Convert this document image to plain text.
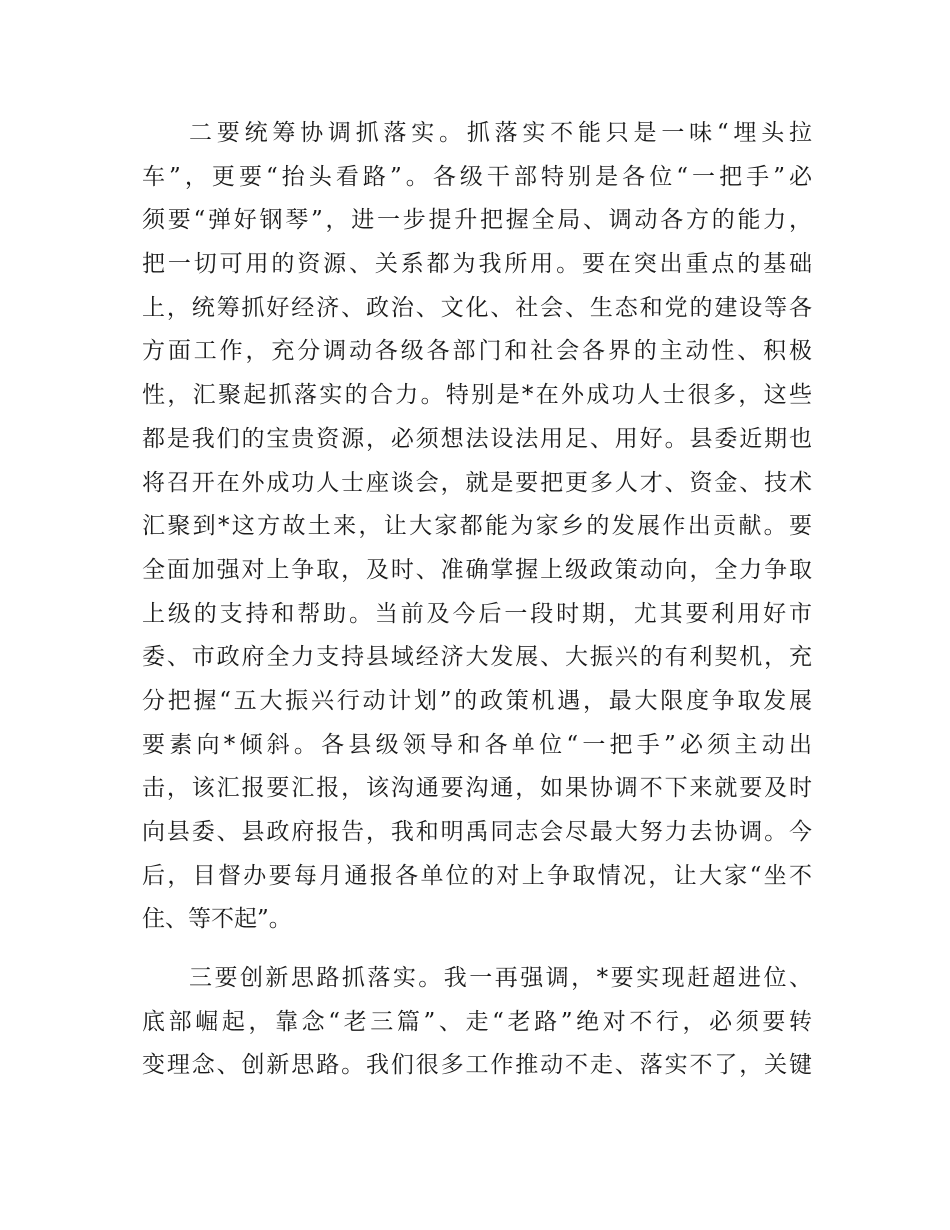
二要统筹协调抓落实。抓落实不能只是一味“埋头拉
车”，更要“抬头看路”。各级干部特别是各位“一把手”必
须要“弹好钢琴”，进一步提升把握全局、调动各方的能力，
把一切可用的资源、关系都为我所用。要在突出重点的基础
上，统筹抓好经济、政治、文化、社会、生态和党的建设等各
方面工作，充分调动各级各部门和社会各界的主动性、积极
性，汇聚起抓落实的合力。特别是*在外成功人士很多，这些
都是我们的宝贵资源，必须想法设法用足、用好。县委近期也
将召开在外成功人士座谈会，就是要把更多人才、资金、技术
汇聚到*这方故土来，让大家都能为家乡的发展作出贡献。要
全面加强对上争取，及时、准确掌握上级政策动向，全力争取
上级的支持和帮助。当前及今后一段时期，尤其要利用好市
委、市政府全力支持县域经济大发展、大振兴的有利契机，充
分把握“五大振兴行动计划”的政策机遇，最大限度争取发展
要素向*倾斜。各县级领导和各单位“一把手”必须主动出
击，该汇报要汇报，该沟通要沟通，如果协调不下来就要及时
向县委、县政府报告，我和明禹同志会尽最大努力去协调。今
后，目督办要每月通报各单位的对上争取情况，让大家“坐不
住、等不起”。
三要创新思路抓落实。我一再强调，*要实现赶超进位、
底部崛起，靠念“老三篇”、走“老路”绝对不行，必须要转
变理念、创新思路。我们很多工作推动不走、落实不了，关键
